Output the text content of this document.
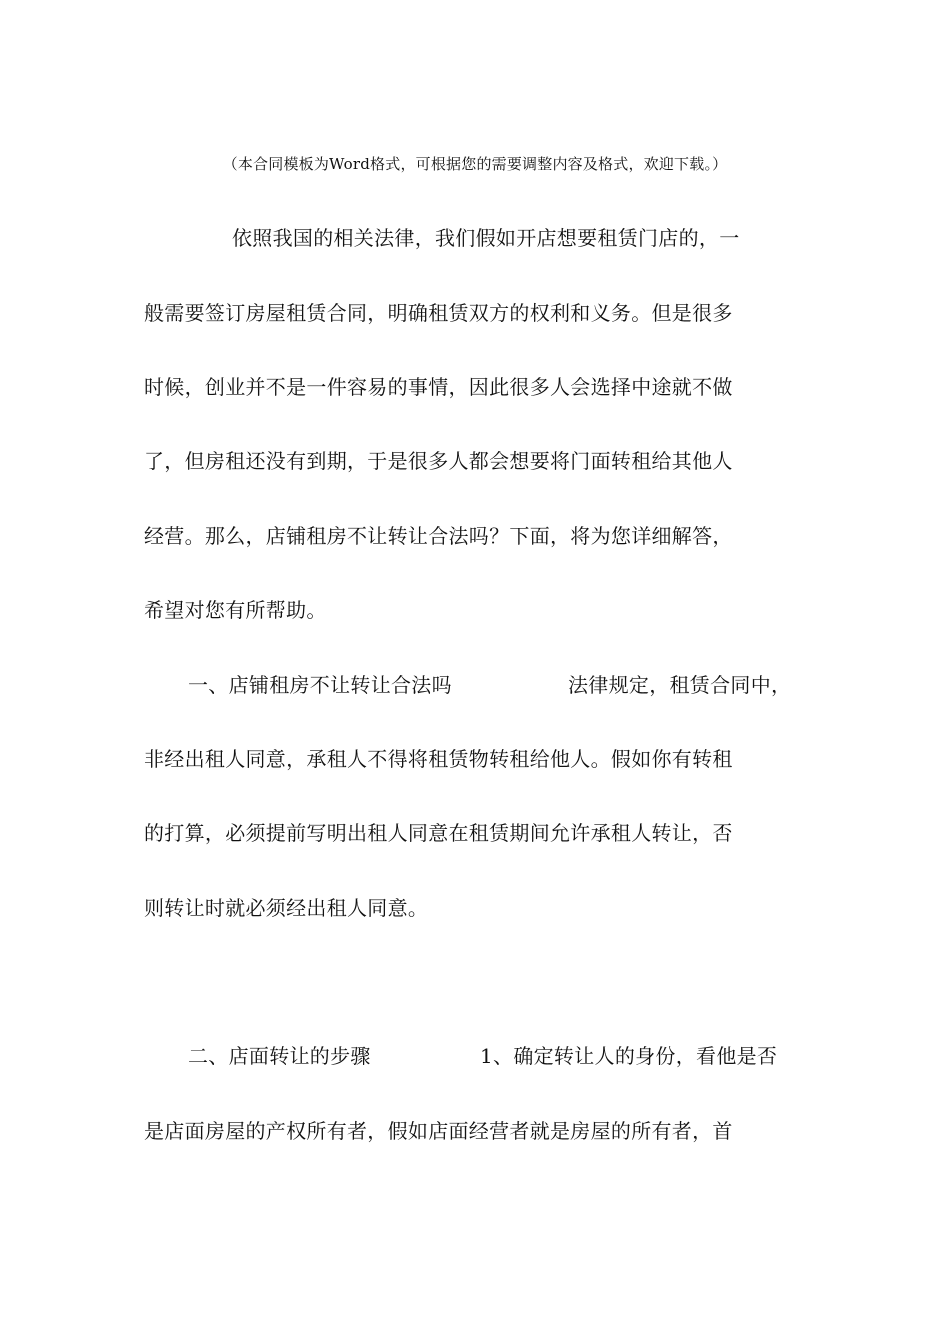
（本合同模板为Word格式，可根据您的需要调整内容及格式，欢迎下载。）
依照我国的相关法律，我们假如开店想要租赁门店的，一
般需要签订房屋租赁合同，明确租赁双方的权利和义务。但是很多
时候，创业并不是一件容易的事情，因此很多人会选择中途就不做
了，但房租还没有到期，于是很多人都会想要将门面转租给其他人
经营。那么，店铺租房不让转让合法吗？下面，将为您详细解答，
希望对您有所帮助。
一、店铺租房不让转让合法吗	法律规定，租赁合同中，
非经出租人同意，承租人不得将租赁物转租给他人。假如你有转租
的打算，必须提前写明出租人同意在租赁期间允许承租人转让，否
则转让时就必须经出租人同意。
二、店面转让的步骤	1、确定转让人的身份，看他是否
是店面房屋的产权所有者，假如店面经营者就是房屋的所有者，首
